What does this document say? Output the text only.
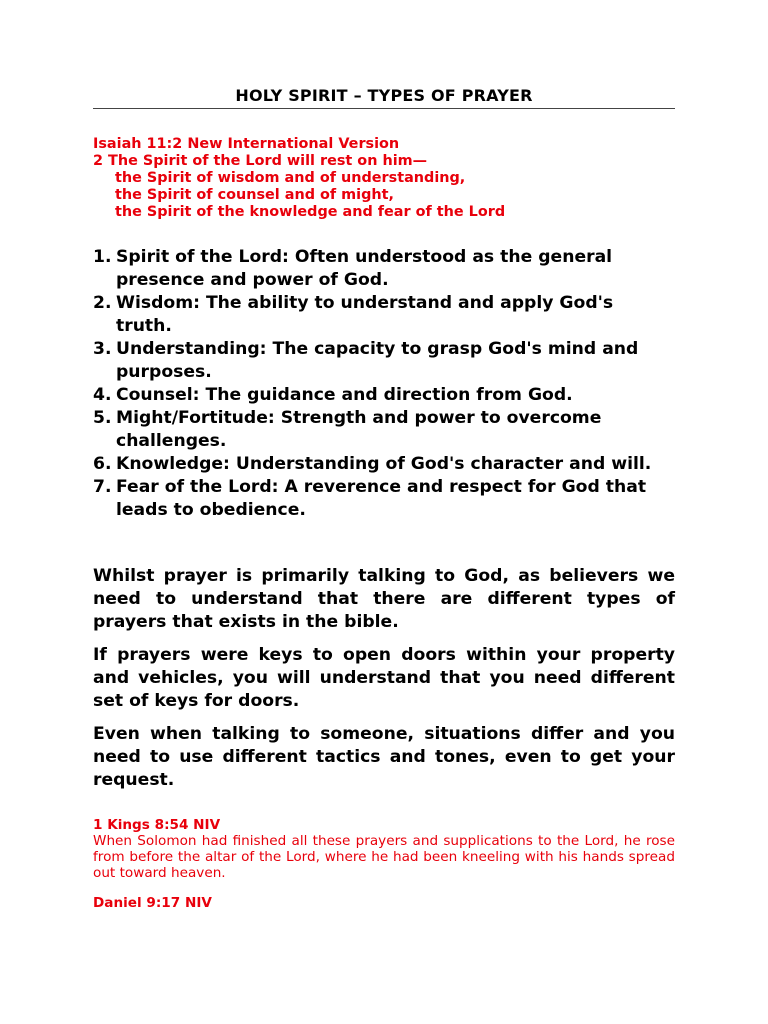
HOLY SPIRIT – TYPES OF PRAYER
Isaiah 11:2 New International Version
2 The Spirit of the Lord will rest on him—
the Spirit of wisdom and of understanding,
the Spirit of counsel and of might,
the Spirit of the knowledge and fear of the Lord
1. Spirit of the Lord: Often understood as the general presence and power of God.
2. Wisdom: The ability to understand and apply God's truth.
3. Understanding: The capacity to grasp God's mind and purposes.
4. Counsel: The guidance and direction from God.
5. Might/Fortitude: Strength and power to overcome challenges.
6. Knowledge: Understanding of God's character and will.
7. Fear of the Lord: A reverence and respect for God that leads to obedience.

Whilst prayer is primarily talking to God, as believers we need to understand that there are different types of prayers that exists in the bible.

If prayers were keys to open doors within your property and vehicles, you will understand that you need different set of keys for doors.

Even when talking to someone, situations differ and you need to use different tactics and tones, even to get your request.

1 Kings 8:54 NIV
When Solomon had finished all these prayers and supplications to the Lord, he rose from before the altar of the Lord, where he had been kneeling with his hands spread out toward heaven.
Daniel 9:17 NIV
